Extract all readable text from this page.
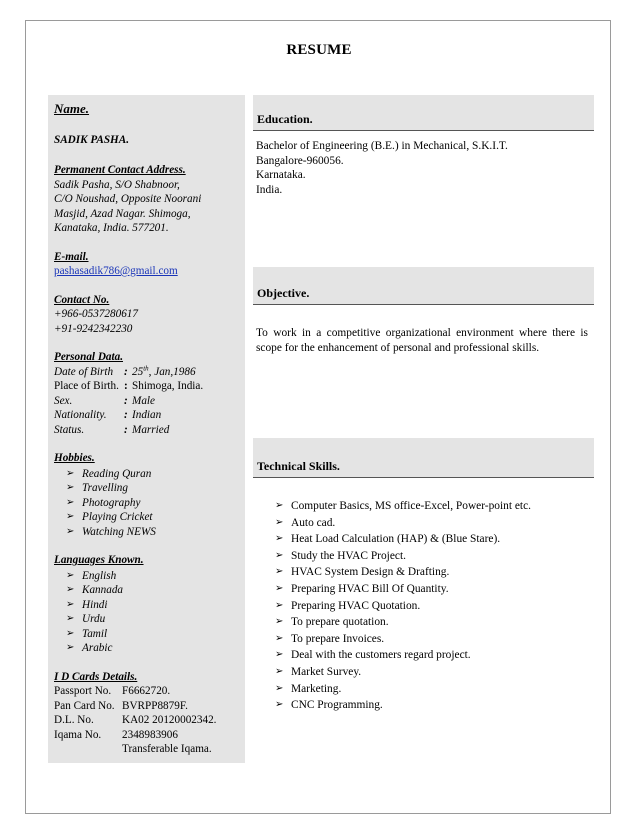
RESUME
Name.
SADIK PASHA.
Permanent Contact Address.
Sadik Pasha, S/O Shabnoor,
C/O Noushad, Opposite Noorani
Masjid, Azad Nagar. Shimoga,
Kanataka, India. 577201.
E-mail.
pashasadik786@gmail.com
Contact No.
+966-0537280617
+91-9242342230
Personal Data.
Date of Birth : 25th, Jan,1986
Place of Birth. : Shimoga, India.
Sex.	: Male
Nationality.	: Indian
Status.	: Married
Hobbies.
➢ Reading Quran
➢ Travelling
➢ Photography
➢ Playing Cricket
➢ Watching NEWS
Languages Known.
➢ English
➢ Kannada
➢ Hindi
➢ Urdu
➢ Tamil
➢ Arabic
I D Cards Details.
Passport No. F6662720.
Pan Card No. BVRPP8879F.
D.L. No.	KA02 20120002342.
Iqama No.	2348983906
Transferable Iqama.
Education.
Bachelor of Engineering (B.E.) in Mechanical, S.K.I.T.
Bangalore-960056.
Karnataka.
India.
Objective.
To work in a competitive organizational environment where there is scope for the enhancement of personal and professional skills.
Technical Skills.
➢ Computer Basics, MS office-Excel, Power-point etc.
➢ Auto cad.
➢ Heat Load Calculation (HAP) & (Blue Stare).
➢ Study the HVAC Project.
➢ HVAC System Design & Drafting.
➢ Preparing HVAC Bill Of Quantity.
➢ Preparing HVAC Quotation.
➢ To prepare quotation.
➢ To prepare Invoices.
➢ Deal with the customers regard project.
➢ Market Survey.
➢ Marketing.
➢ CNC Programming.
